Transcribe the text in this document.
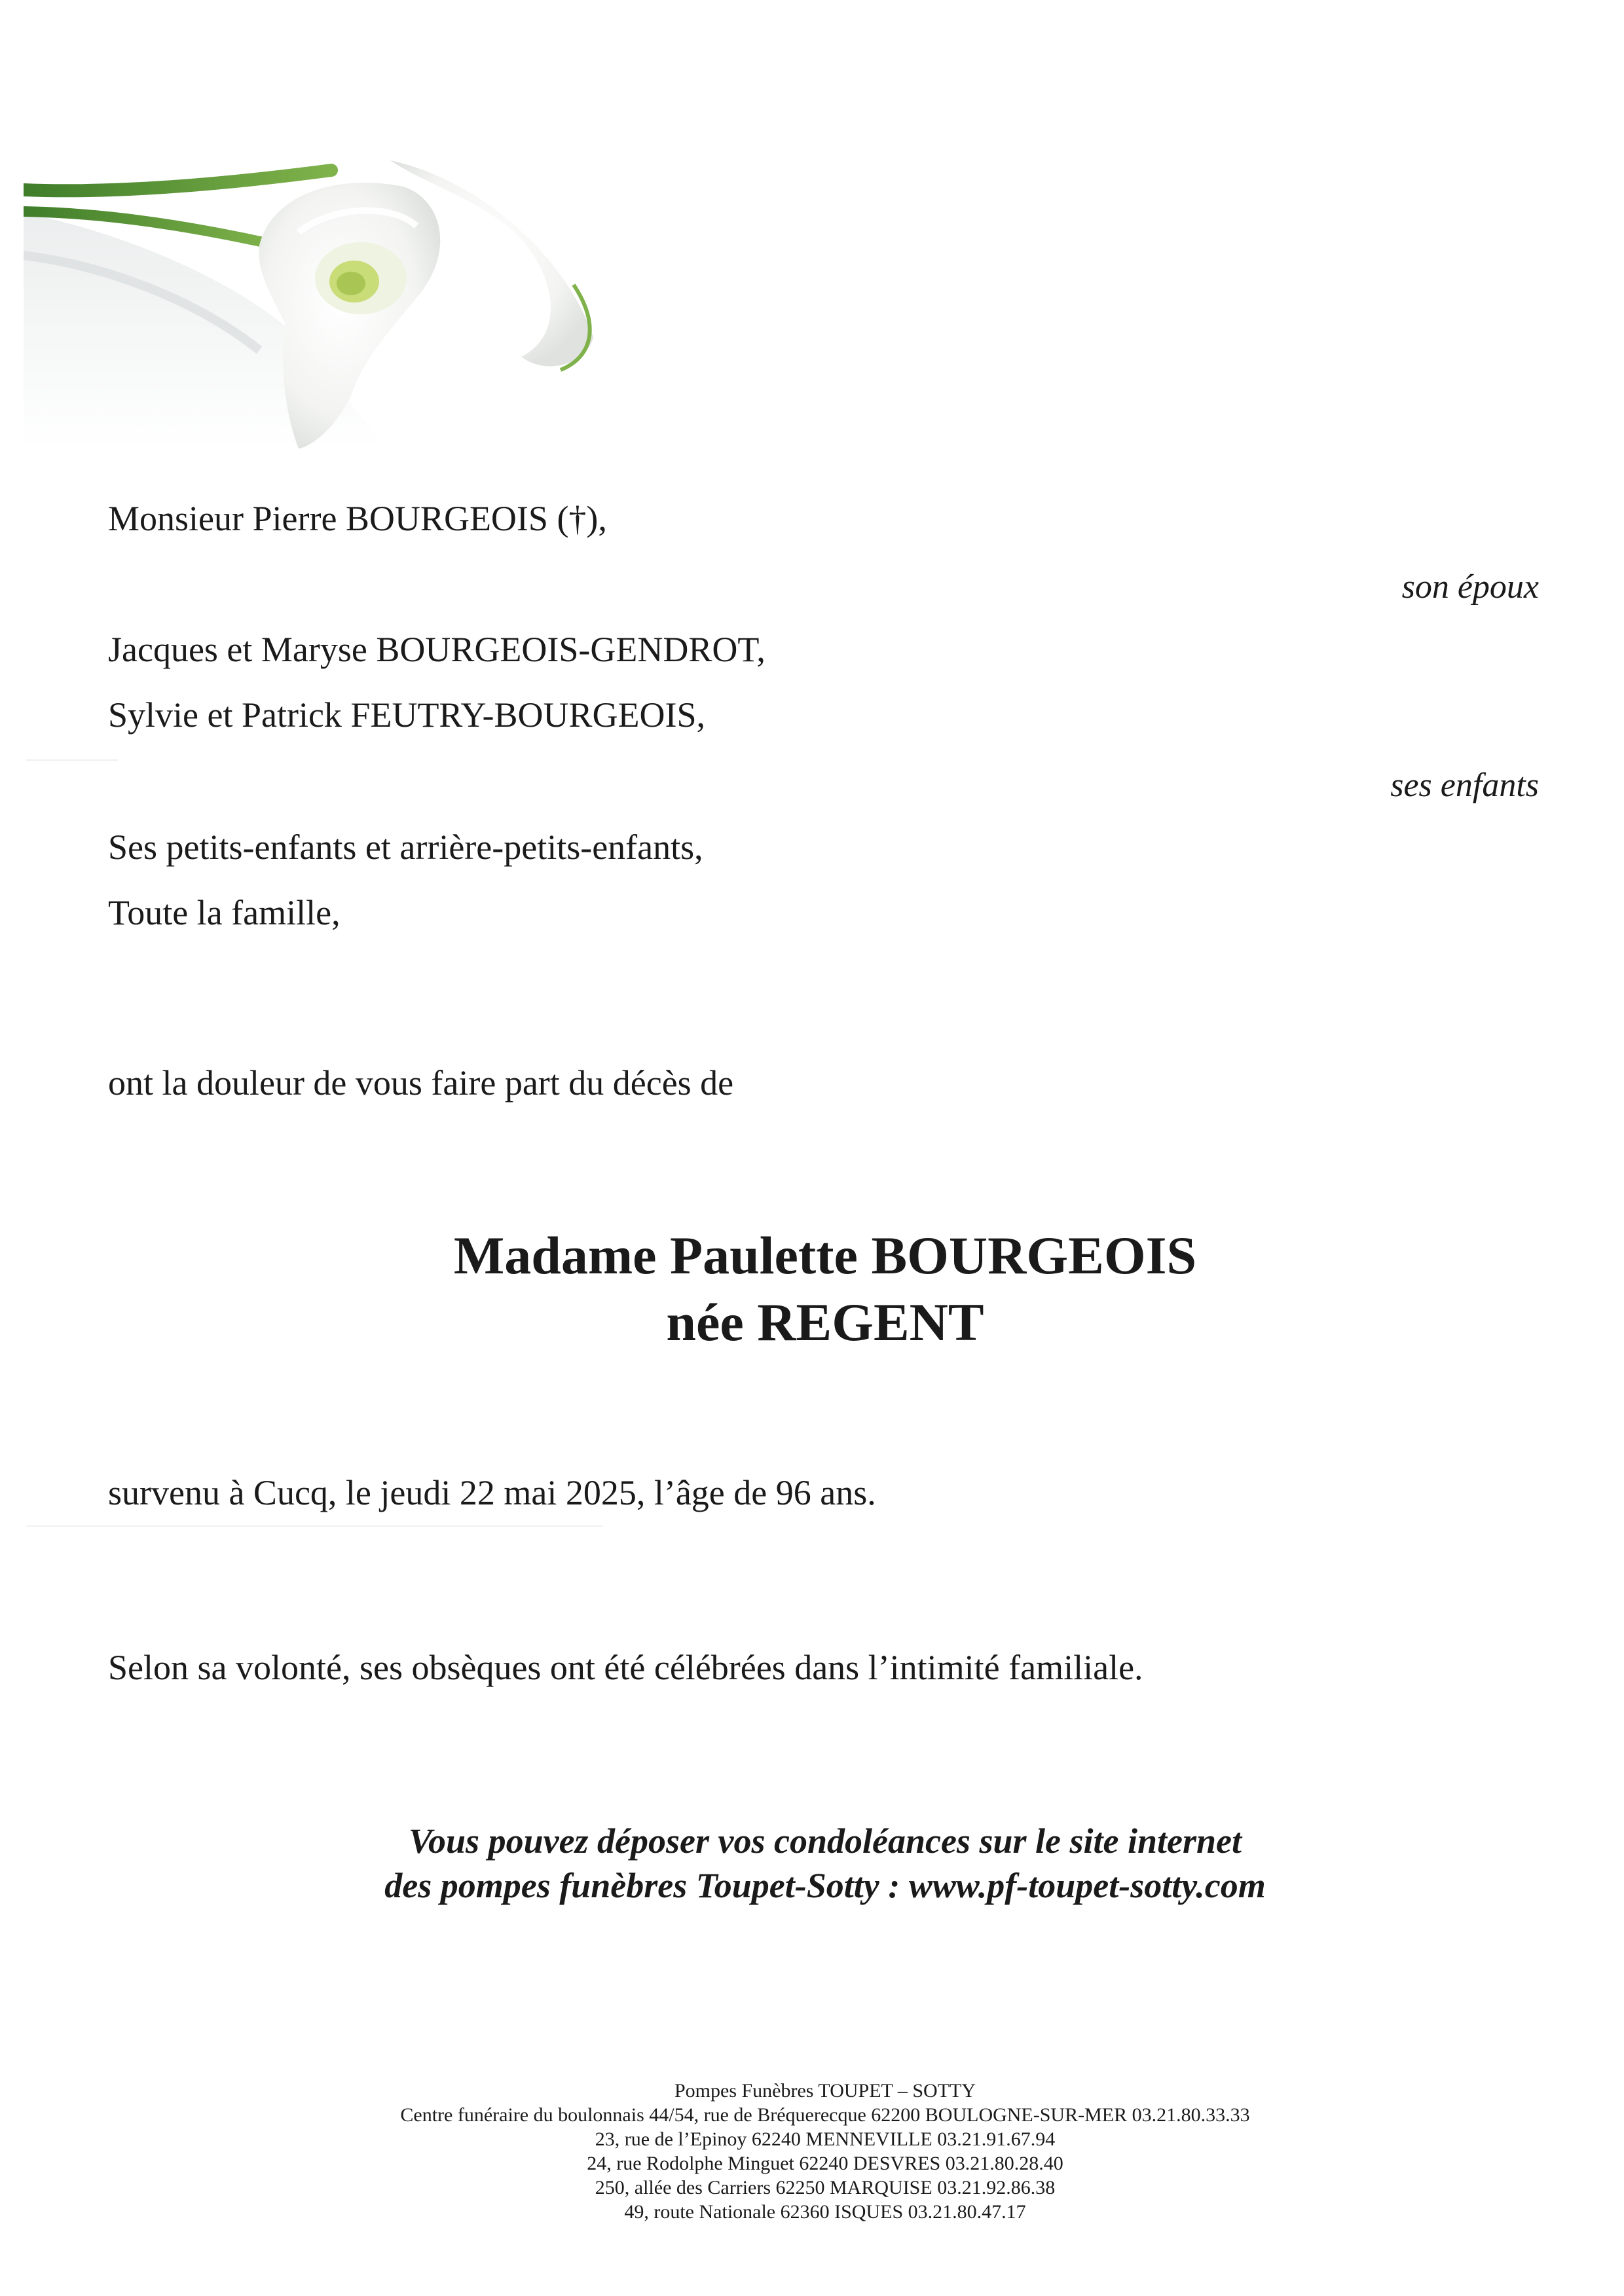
Monsieur Pierre BOURGEOIS (†),
son époux
Jacques et Maryse BOURGEOIS-GENDROT,
Sylvie et Patrick FEUTRY-BOURGEOIS,
ses enfants
Ses petits-enfants et arrière-petits-enfants,
Toute la famille,
ont la douleur de vous faire part du décès de
Madame Paulette BOURGEOIS
née REGENT
survenu à Cucq, le jeudi 22 mai 2025, l’âge de 96 ans.
Selon sa volonté, ses obsèques ont été célébrées dans l’intimité familiale.
Vous pouvez déposer vos condoléances sur le site internet
des pompes funèbres Toupet-Sotty : www.pf-toupet-sotty.com
Pompes Funèbres TOUPET – SOTTY
Centre funéraire du boulonnais 44/54, rue de Bréquerecque 62200 BOULOGNE-SUR-MER 03.21.80.33.33
23, rue de l’Epinoy 62240 MENNEVILLE 03.21.91.67.94
24, rue Rodolphe Minguet 62240 DESVRES 03.21.80.28.40
250, allée des Carriers 62250 MARQUISE 03.21.92.86.38
49, route Nationale 62360 ISQUES 03.21.80.47.17
